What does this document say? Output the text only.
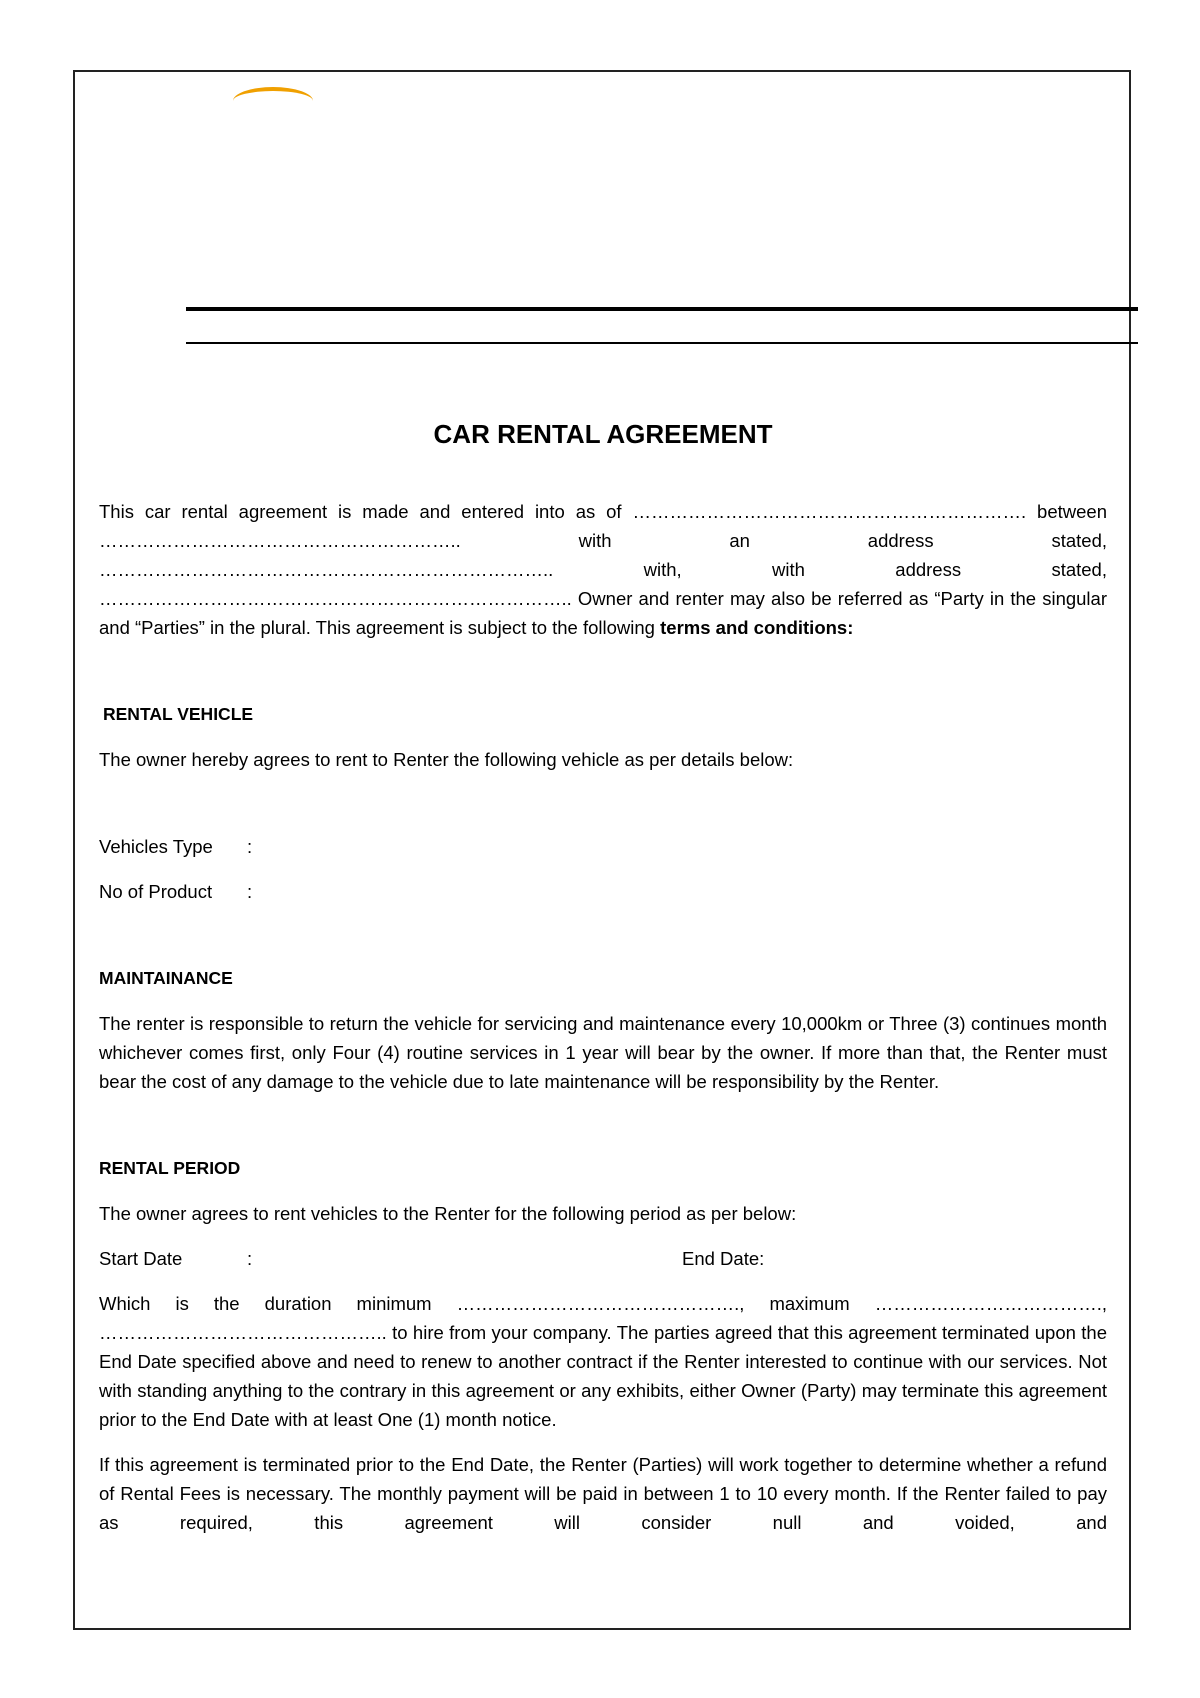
CAR RENTAL AGREEMENT

This car rental agreement is made and entered into as of ………………………………………………………. between ………………………………………………….. with an address stated, ……………………………………………………………….. with, with address stated, ………………………………………………………………….. Owner and renter may also be referred as “Party in the singular and “Parties” in the plural. This agreement is subject to the following terms and conditions:

RENTAL VEHICLE

The owner hereby agrees to rent to Renter the following vehicle as per details below:

Vehicles Type	:
No of Product	:

MAINTAINANCE

The renter is responsible to return the vehicle for servicing and maintenance every 10,000km or Three (3) continues month whichever comes first, only Four (4) routine services in 1 year will bear by the owner. If more than that, the Renter must bear the cost of any damage to the vehicle due to late maintenance will be responsibility by the Renter.

RENTAL PERIOD

The owner agrees to rent vehicles to the Renter for the following period as per below:

Start Date	:	End Date:

Which is the duration minimum ………………………………………., maximum ………………………………., ……………………………………….. to hire from your company. The parties agreed that this agreement terminated upon the End Date specified above and need to renew to another contract if the Renter interested to continue with our services. Not with standing anything to the contrary in this agreement or any exhibits, either Owner (Party) may terminate this agreement prior to the End Date with at least One (1) month notice.

If this agreement is terminated prior to the End Date, the Renter (Parties) will work together to determine whether a refund of Rental Fees is necessary. The monthly payment will be paid in between 1 to 10 every month. If the Renter failed to pay as required, this agreement will consider null and voided, and
